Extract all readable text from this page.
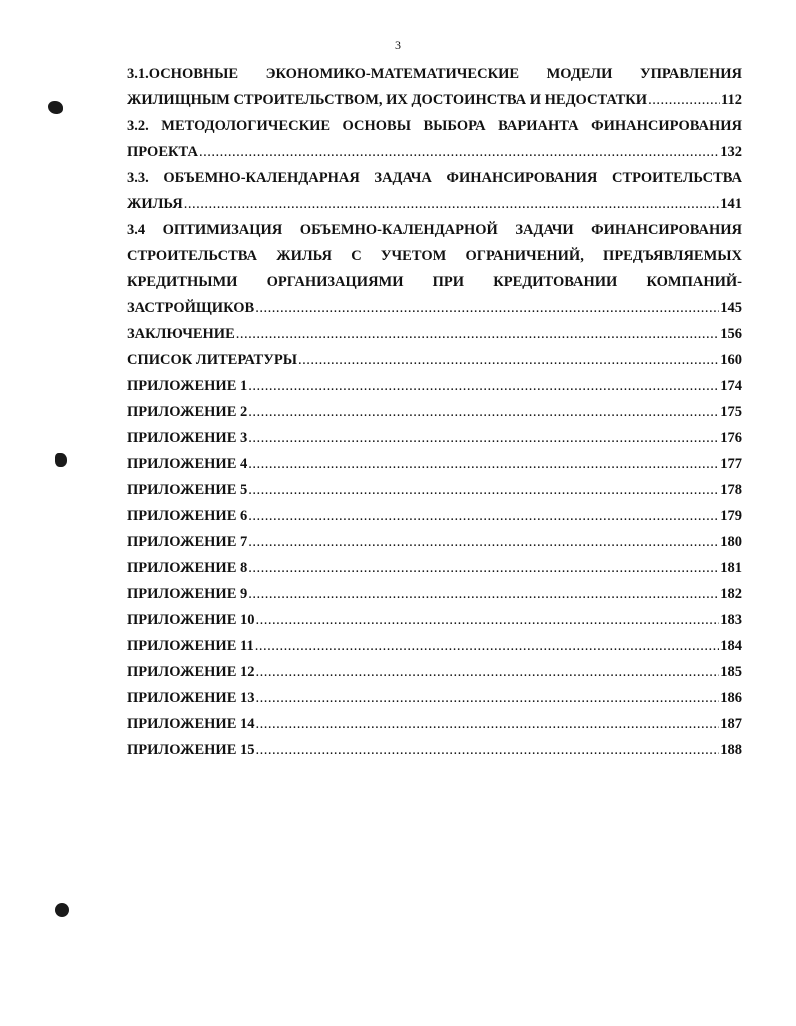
3
3.1.ОСНОВНЫЕ ЭКОНОМИКО-МАТЕМАТИЧЕСКИЕ МОДЕЛИ УПРАВЛЕНИЯ
ЖИЛИЩНЫМ СТРОИТЕЛЬСТВОМ, ИХ ДОСТОИНСТВА И НЕДОСТАТКИ .....	112
3.2. МЕТОДОЛОГИЧЕСКИЕ ОСНОВЫ ВЫБОРА ВАРИАНТА ФИНАНСИРОВАНИЯ
ПРОЕКТА .....	132
3.3. ОБЪЕМНО-КАЛЕНДАРНАЯ ЗАДАЧА ФИНАНСИРОВАНИЯ СТРОИТЕЛЬСТВА
ЖИЛЬЯ .....	141
3.4 ОПТИМИЗАЦИЯ ОБЪЕМНО-КАЛЕНДАРНОЙ ЗАДАЧИ ФИНАНСИРОВАНИЯ
СТРОИТЕЛЬСТВА ЖИЛЬЯ С УЧЕТОМ ОГРАНИЧЕНИЙ, ПРЕДЪЯВЛЯЕМЫХ
КРЕДИТНЫМИ ОРГАНИЗАЦИЯМИ ПРИ КРЕДИТОВАНИИ КОМПАНИЙ-
ЗАСТРОЙЩИКОВ .....	145
ЗАКЛЮЧЕНИЕ .....	156
СПИСОК ЛИТЕРАТУРЫ .....	160
ПРИЛОЖЕНИЕ 1 .....	174
ПРИЛОЖЕНИЕ 2 .....	175
ПРИЛОЖЕНИЕ 3 .....	176
ПРИЛОЖЕНИЕ 4 .....	177
ПРИЛОЖЕНИЕ 5 .....	178
ПРИЛОЖЕНИЕ 6 .....	179
ПРИЛОЖЕНИЕ 7 .....	180
ПРИЛОЖЕНИЕ 8 .....	181
ПРИЛОЖЕНИЕ 9 .....	182
ПРИЛОЖЕНИЕ 10 .....	183
ПРИЛОЖЕНИЕ 11 .....	184
ПРИЛОЖЕНИЕ 12 .....	185
ПРИЛОЖЕНИЕ 13 .....	186
ПРИЛОЖЕНИЕ 14 .....	187
ПРИЛОЖЕНИЕ 15 .....	188
